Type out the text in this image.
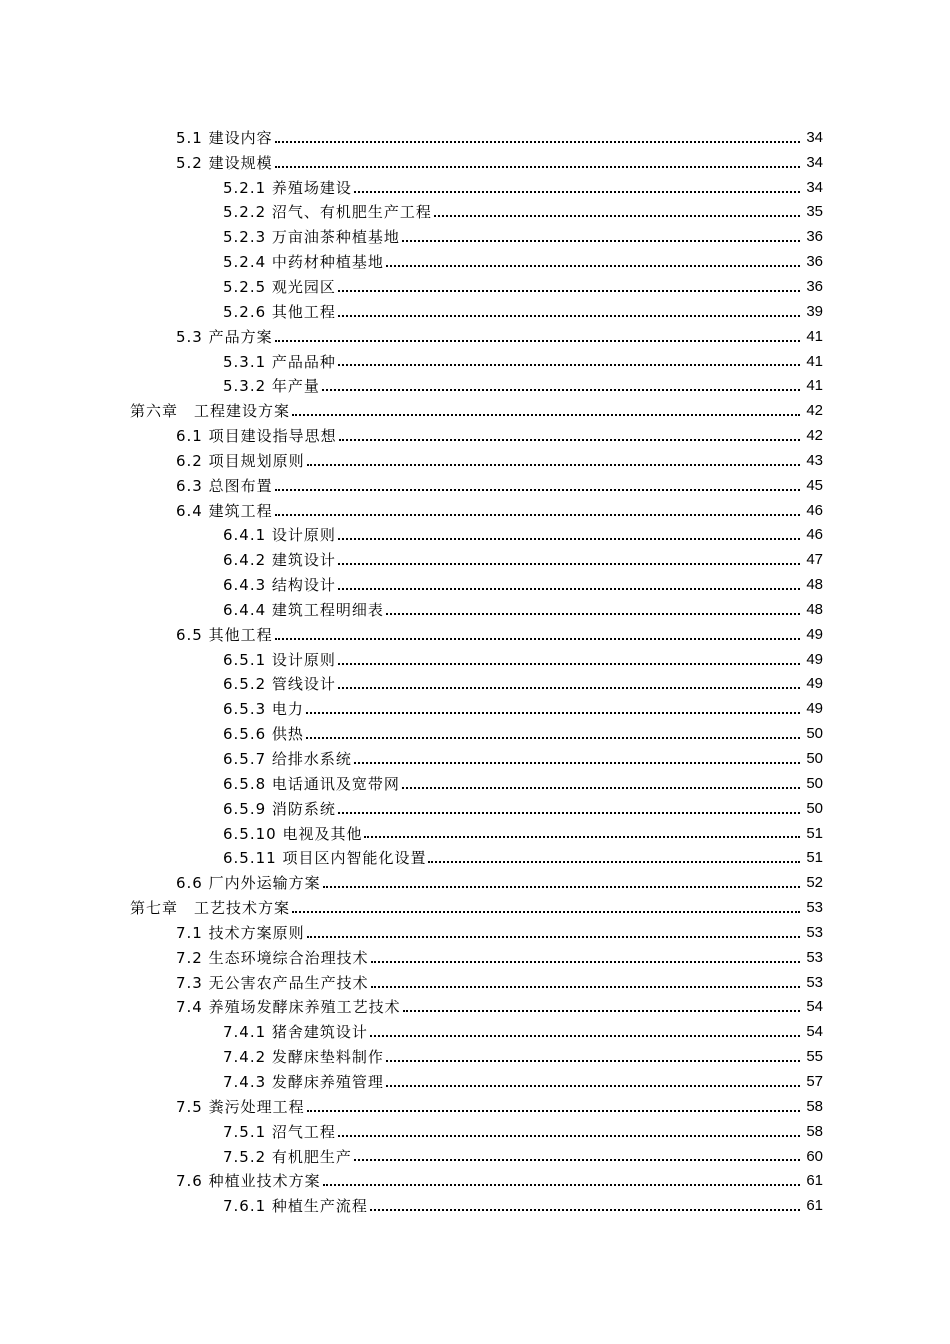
5.1 建设内容	34
5.2 建设规模	34
5.2.1 养殖场建设	34
5.2.2 沼气、有机肥生产工程	35
5.2.3 万亩油茶种植基地	36
5.2.4 中药材种植基地	36
5.2.5 观光园区	36
5.2.6 其他工程	39
5.3 产品方案	41
5.3.1 产品品种	41
5.3.2 年产量	41
第六章　工程建设方案	42
6.1 项目建设指导思想	42
6.2 项目规划原则	43
6.3 总图布置	45
6.4 建筑工程	46
6.4.1 设计原则	46
6.4.2 建筑设计	47
6.4.3 结构设计	48
6.4.4 建筑工程明细表	48
6.5 其他工程	49
6.5.1 设计原则	49
6.5.2 管线设计	49
6.5.3 电力	49
6.5.6 供热	50
6.5.7 给排水系统	50
6.5.8 电话通讯及宽带网	50
6.5.9 消防系统	50
6.5.10 电视及其他	51
6.5.11 项目区内智能化设置	51
6.6 厂内外运输方案	52
第七章　工艺技术方案	53
7.1 技术方案原则	53
7.2 生态环境综合治理技术	53
7.3 无公害农产品生产技术	53
7.4 养殖场发酵床养殖工艺技术	54
7.4.1 猪舍建筑设计	54
7.4.2 发酵床垫料制作	55
7.4.3 发酵床养殖管理	57
7.5 粪污处理工程	58
7.5.1 沼气工程	58
7.5.2 有机肥生产	60
7.6 种植业技术方案	61
7.6.1 种植生产流程	61
